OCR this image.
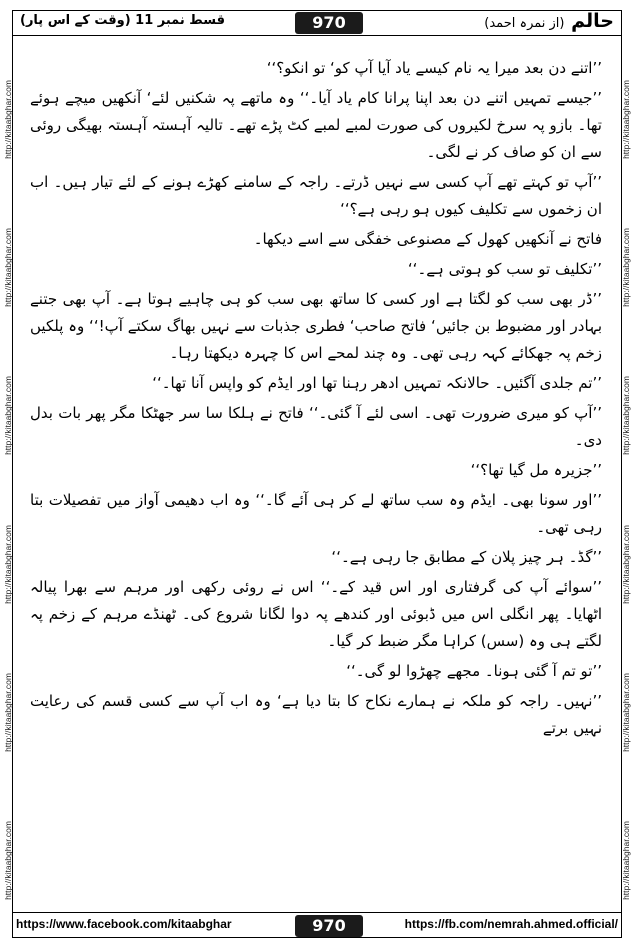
حالم (از نمرہ احمد)
970
قسط نمبر 11 (وقت کے اس پار)
http://kitaabghar.com
http://kitaabghar.com
http://kitaabghar.com
http://kitaabghar.com
http://kitaabghar.com
http://kitaabghar.com
http://kitaabghar.com
http://kitaabghar.com
http://kitaabghar.com
http://kitaabghar.com
http://kitaabghar.com
http://kitaabghar.com

’’اتنے دن بعد میرا یہ نام کیسے یاد آیا آپ کو‘ تو انکو؟‘‘

’’جیسے تمہیں اتنے دن بعد اپنا پرانا کام یاد آیا۔‘‘ وہ ماتھے پہ شکنیں لئے‘ آنکھیں میچے ہوئے تھا۔ بازو پہ سرخ لکیروں کی صورت لمبے لمبے کٹ پڑے تھے۔ تالیہ آہستہ آہستہ بھیگی روئی سے ان کو صاف کر نے لگی۔

’’آپ تو کہتے تھے آپ کسی سے نہیں ڈرتے۔ راجہ کے سامنے کھڑے ہونے کے لئے تیار ہیں۔ اب ان زخموں سے تکلیف کیوں ہو رہی ہے؟‘‘

فاتح نے آنکھیں کھول کے مصنوعی خفگی سے اسے دیکھا۔

’’تکلیف تو سب کو ہوتی ہے۔‘‘

’’ڈر بھی سب کو لگتا ہے اور کسی کا ساتھ بھی سب کو ہی چاہیے ہوتا ہے۔ آپ بھی جتنے بہادر اور مضبوط بن جائیں‘ فاتح صاحب‘ فطری جذبات سے نہیں بھاگ سکتے آپ!‘‘ وہ پلکیں زخم پہ جھکائے کہہ رہی تھی۔ وہ چند لمحے اس کا چہرہ دیکھتا رہا۔

’’تم جلدی آگئیں۔ حالانکہ تمہیں ادھر رہنا تھا اور ایڈم کو واپس آنا تھا۔‘‘

’’آپ کو میری ضرورت تھی۔ اسی لئے آ گئی۔‘‘ فاتح نے ہلکا سا سر جھٹکا مگر پھر بات بدل دی۔

’’جزیرہ مل گیا تھا؟‘‘

’’اور سونا بھی۔ ایڈم وہ سب ساتھ لے کر ہی آئے گا۔‘‘ وہ اب دھیمی آواز میں تفصیلات بتا رہی تھی۔

’’گڈ۔ ہر چیز پلان کے مطابق جا رہی ہے۔‘‘

’’سوائے آپ کی گرفتاری اور اس قید کے۔‘‘ اس نے روئی رکھی اور مرہم سے بھرا پیالہ اٹھایا۔ پھر انگلی اس میں ڈبوئی اور کندھے پہ دوا لگانا شروع کی۔ ٹھنڈے مرہم کے زخم پہ لگتے ہی وہ (سس) کراہا مگر ضبط کر گیا۔

’’تو تم آ گئی ہونا۔ مجھے چھڑوا لو گی۔‘‘

’’نہیں۔ راجہ کو ملکہ نے ہمارے نکاح کا بتا دیا ہے‘ وہ اب آپ سے کسی قسم کی رعایت نہیں برتے

https://www.facebook.com/kitaabghar	970	https://fb.com/nemrah.ahmed.official/
